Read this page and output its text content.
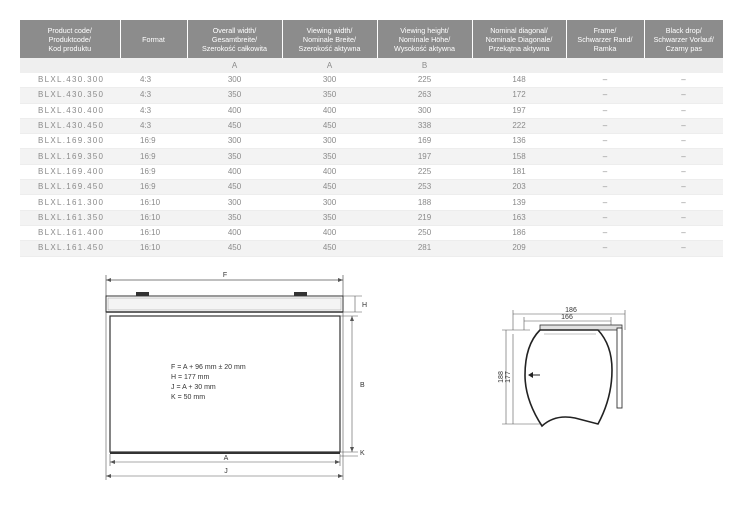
Product code/
Produktcode/
Kod produktu	Format	Overall width/
Gesamtbreite/
Szerokość całkowita	Viewing width/
Nominale Breite/
Szerokość aktywna	Viewing height/
Nominale Höhe/
Wysokość aktywna	Nominal diagonal/
Nominale Diagonale/
Przekątna aktywna	Frame/
Schwarzer Rand/
Ramka	Black drop/
Schwarzer Vorlauf/
Czarny pas
		A	A	B			
BLXL.430.300	4:3	300	300	225	148	–	–
BLXL.430.350	4:3	350	350	263	172	–	–
BLXL.430.400	4:3	400	400	300	197	–	–
BLXL.430.450	4:3	450	450	338	222	–	–
BLXL.169.300	16:9	300	300	169	136	–	–
BLXL.169.350	16:9	350	350	197	158	–	–
BLXL.169.400	16:9	400	400	225	181	–	–
BLXL.169.450	16:9	450	450	253	203	–	–
BLXL.161.300	16:10	300	300	188	139	–	–
BLXL.161.350	16:10	350	350	219	163	–	–
BLXL.161.400	16:10	400	400	250	186	–	–
BLXL.161.450	16:10	450	450	281	209	–	–
F
H
B
K
A
J
F = A + 96 mm ± 20 mm
H = 177 mm
J = A + 30 mm
K = 50 mm
186
166
188 177
